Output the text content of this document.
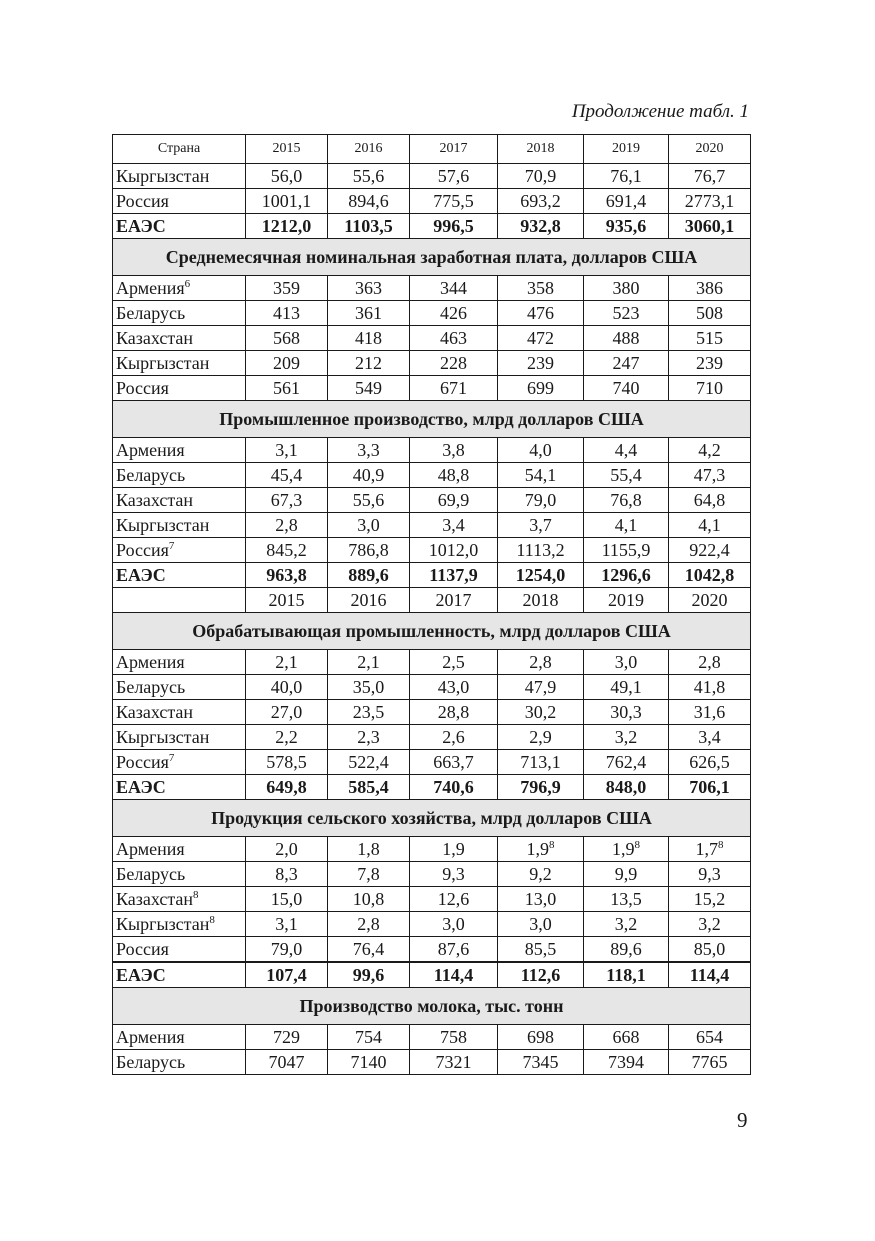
Продолжение табл. 1
Страна	2015	2016	2017	2018	2019	2020
Кыргызстан	56,0	55,6	57,6	70,9	76,1	76,7
Россия	1001,1	894,6	775,5	693,2	691,4	2773,1
ЕАЭС	1212,0	1103,5	996,5	932,8	935,6	3060,1
Среднемесячная номинальная заработная плата, долларов США						
Армения$^6$	359	363	344	358	380	386
Беларусь	413	361	426	476	523	508
Казахстан	568	418	463	472	488	515
Кыргызстан	209	212	228	239	247	239
Россия	561	549	671	699	740	710
Промышленное производство, млрд долларов США						
Армения	3,1	3,3	3,8	4,0	4,4	4,2
Беларусь	45,4	40,9	48,8	54,1	55,4	47,3
Казахстан	67,3	55,6	69,9	79,0	76,8	64,8
Кыргызстан	2,8	3,0	3,4	3,7	4,1	4,1
Россия$^7$	845,2	786,8	1012,0	1113,2	1155,9	922,4
ЕАЭС	963,8	889,6	1137,9	1254,0	1296,6	1042,8
	2015	2016	2017	2018	2019	2020
Обрабатывающая промышленность, млрд долларов США						
Армения	2,1	2,1	2,5	2,8	3,0	2,8
Беларусь	40,0	35,0	43,0	47,9	49,1	41,8
Казахстан	27,0	23,5	28,8	30,2	30,3	31,6
Кыргызстан	2,2	2,3	2,6	2,9	3,2	3,4
Россия$^7$	578,5	522,4	663,7	713,1	762,4	626,5
ЕАЭС	649,8	585,4	740,6	796,9	848,0	706,1
Продукция сельского хозяйства, млрд долларов США						
Армения	2,0	1,8	1,9	$1,9^8$	$1,9^8$	$1,7^8$
Беларусь	8,3	7,8	9,3	9,2	9,9	9,3
Казахстан$^8$	15,0	10,8	12,6	13,0	13,5	15,2
Кыргызстан$^8$	3,1	2,8	3,0	3,0	3,2	3,2
Россия	79,0	76,4	87,6	85,5	89,6	85,0
ЕАЭС	107,4	99,6	114,4	112,6	118,1	114,4
Производство молока, тыс. тонн						
Армения	729	754	758	698	668	654
Беларусь	7047	7140	7321	7345	7394	7765
9
